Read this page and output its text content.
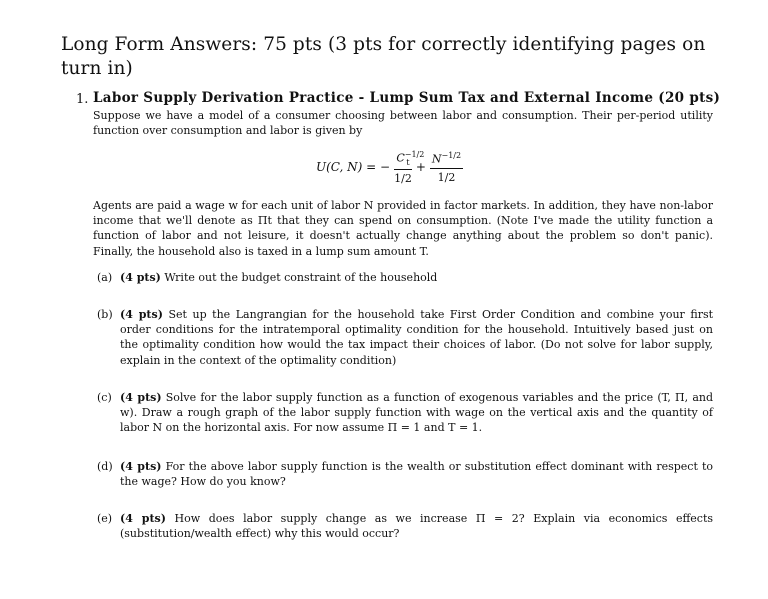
Long Form Answers: 75 pts (3 pts for correctly identifying pages on turn in)
1. Labor Supply Derivation Practice - Lump Sum Tax and External Income (20 pts)
Suppose we have a model of a consumer choosing between labor and consumption. Their per-period utility function over consumption and labor is given by
U(C, N) = − $\frac{C^{-1/2}_t}{1/2} + \frac{N^{-1/2}}{1/2}$
Agents are paid a wage w for each unit of labor N provided in factor markets. In addition, they have non-labor income that we'll denote as Πt that they can spend on consumption. (Note I've made the utility function a function of labor and not leisure, it doesn't actually change anything about the problem so don't panic). Finally, the household also is taxed in a lump sum amount T.
(a) (4 pts) Write out the budget constraint of the household
(b) (4 pts) Set up the Langrangian for the household take First Order Condition and combine your first order conditions for the intratemporal optimality condition for the household. Intuitively based just on the optimality condition how would the tax impact their choices of labor. (Do not solve for labor supply, explain in the context of the optimality condition)
(c) (4 pts) Solve for the labor supply function as a function of exogenous variables and the price (T, Π, and w). Draw a rough graph of the labor supply function with wage on the vertical axis and the quantity of labor N on the horizontal axis. For now assume Π = 1 and T = 1.
(d) (4 pts) For the above labor supply function is the wealth or substitution effect dominant with respect to the wage? How do you know?
(e) (4 pts) How does labor supply change as we increase Π = 2? Explain via economics effects (substitution/wealth effect) why this would occur?
